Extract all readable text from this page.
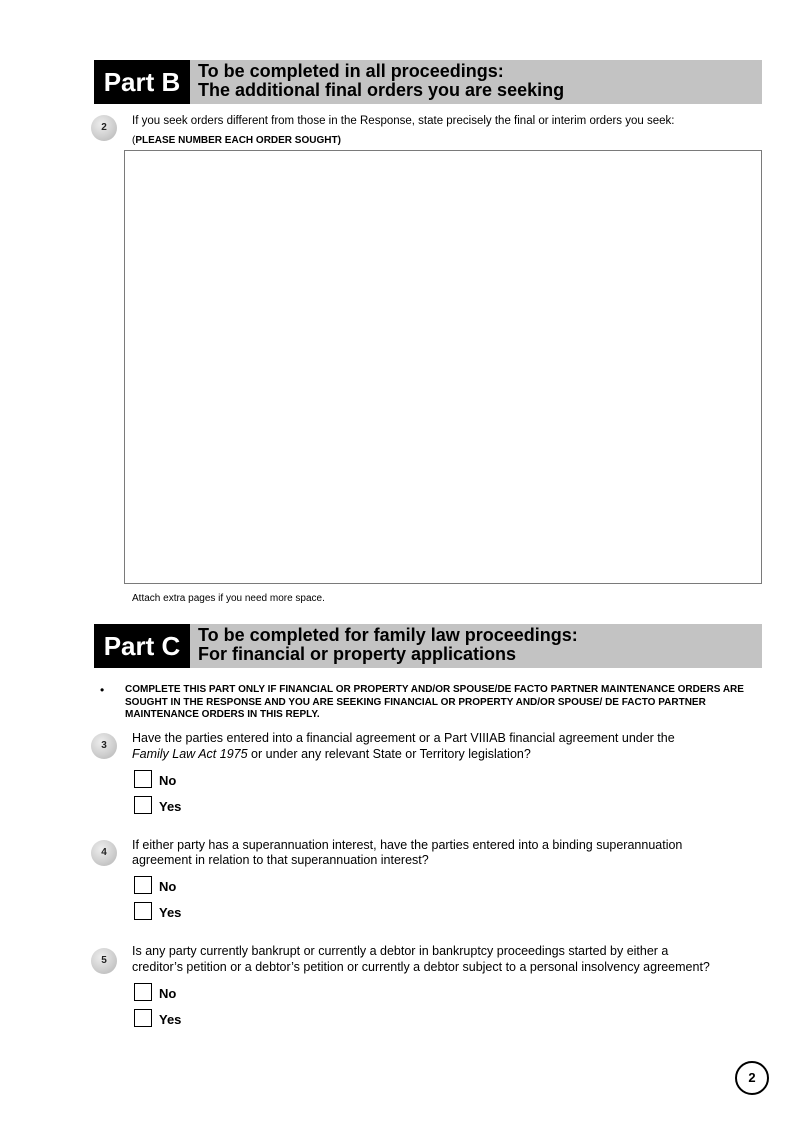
Part B To be completed in all proceedings:
The additional final orders you are seeking
2
If you seek orders different from those in the Response, state precisely the final or interim orders you seek:
(PLEASE NUMBER EACH ORDER SOUGHT)
Attach extra pages if you need more space.
Part C To be completed for family law proceedings:
For financial or property applications
• COMPLETE THIS PART ONLY IF FINANCIAL OR PROPERTY AND/OR SPOUSE/DE FACTO PARTNER MAINTENANCE ORDERS ARE SOUGHT IN THE RESPONSE AND YOU ARE SEEKING FINANCIAL OR PROPERTY AND/OR SPOUSE/ DE FACTO PARTNER MAINTENANCE ORDERS IN THIS REPLY.
3
Have the parties entered into a financial agreement or a Part VIIIAB financial agreement under the
Family Law Act 1975 or under any relevant State or Territory legislation?
No
Yes
4
If either party has a superannuation interest, have the parties entered into a binding superannuation
agreement in relation to that superannuation interest?
No
Yes
5
Is any party currently bankrupt or currently a debtor in bankruptcy proceedings started by either a
creditor’s petition or a debtor’s petition or currently a debtor subject to a personal insolvency agreement?
No
Yes
2
